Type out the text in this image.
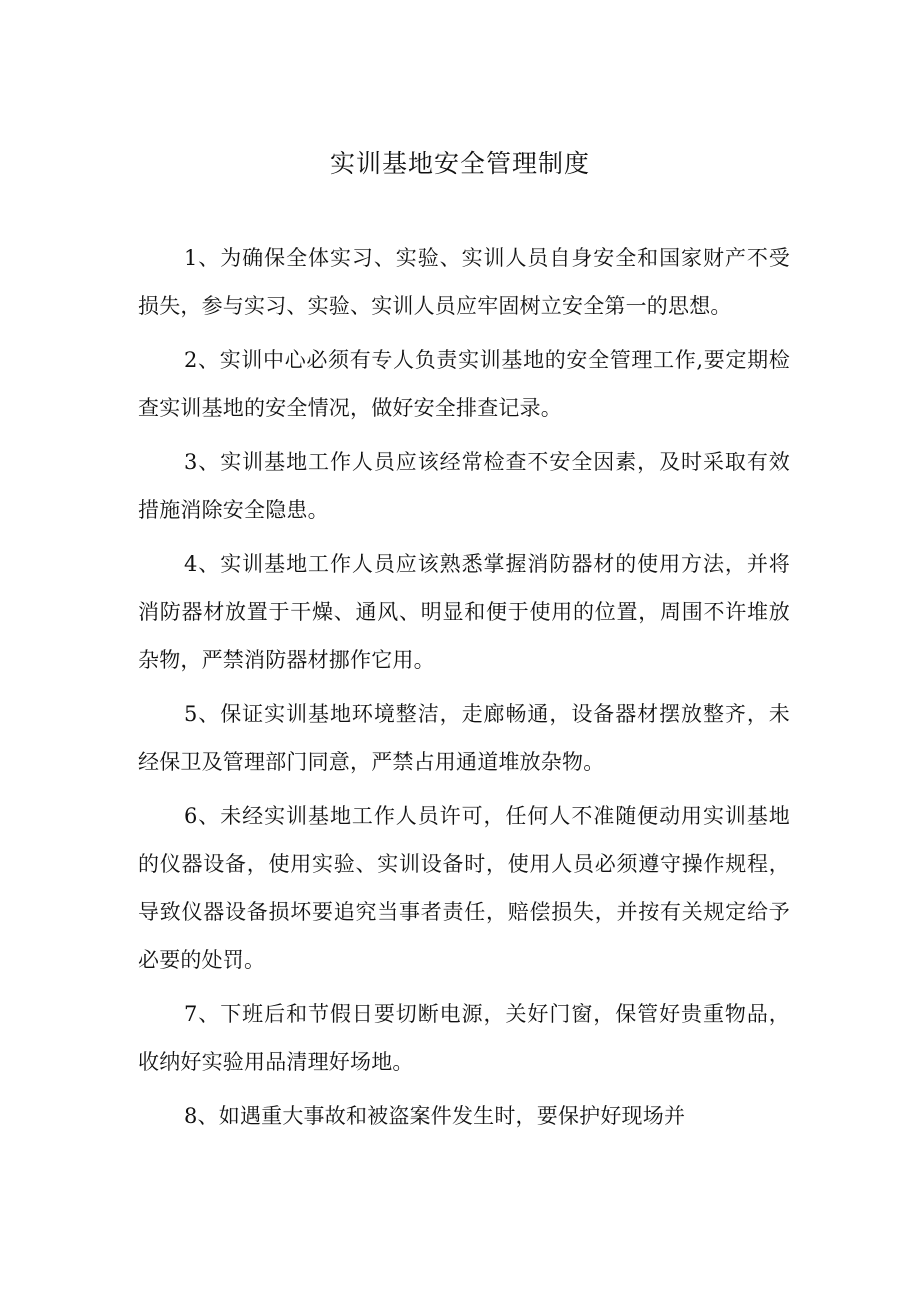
实训基地安全管理制度

1、为确保全体实习、实验、实训人员自身安全和国家财产不受损失，参与实习、实验、实训人员应牢固树立安全第一的思想。

2、实训中心必须有专人负责实训基地的安全管理工作,要定期检查实训基地的安全情况，做好安全排查记录。

3、实训基地工作人员应该经常检查不安全因素，及时采取有效措施消除安全隐患。

4、实训基地工作人员应该熟悉掌握消防器材的使用方法，并将消防器材放置于干燥、通风、明显和便于使用的位置，周围不许堆放杂物，严禁消防器材挪作它用。

5、保证实训基地环境整洁，走廊畅通，设备器材摆放整齐，未经保卫及管理部门同意，严禁占用通道堆放杂物。

6、未经实训基地工作人员许可，任何人不准随便动用实训基地的仪器设备，使用实验、实训设备时，使用人员必须遵守操作规程，导致仪器设备损坏要追究当事者责任，赔偿损失，并按有关规定给予必要的处罚。

7、下班后和节假日要切断电源，关好门窗，保管好贵重物品，收纳好实验用品清理好场地。

8、如遇重大事故和被盗案件发生时，要保护好现场并
